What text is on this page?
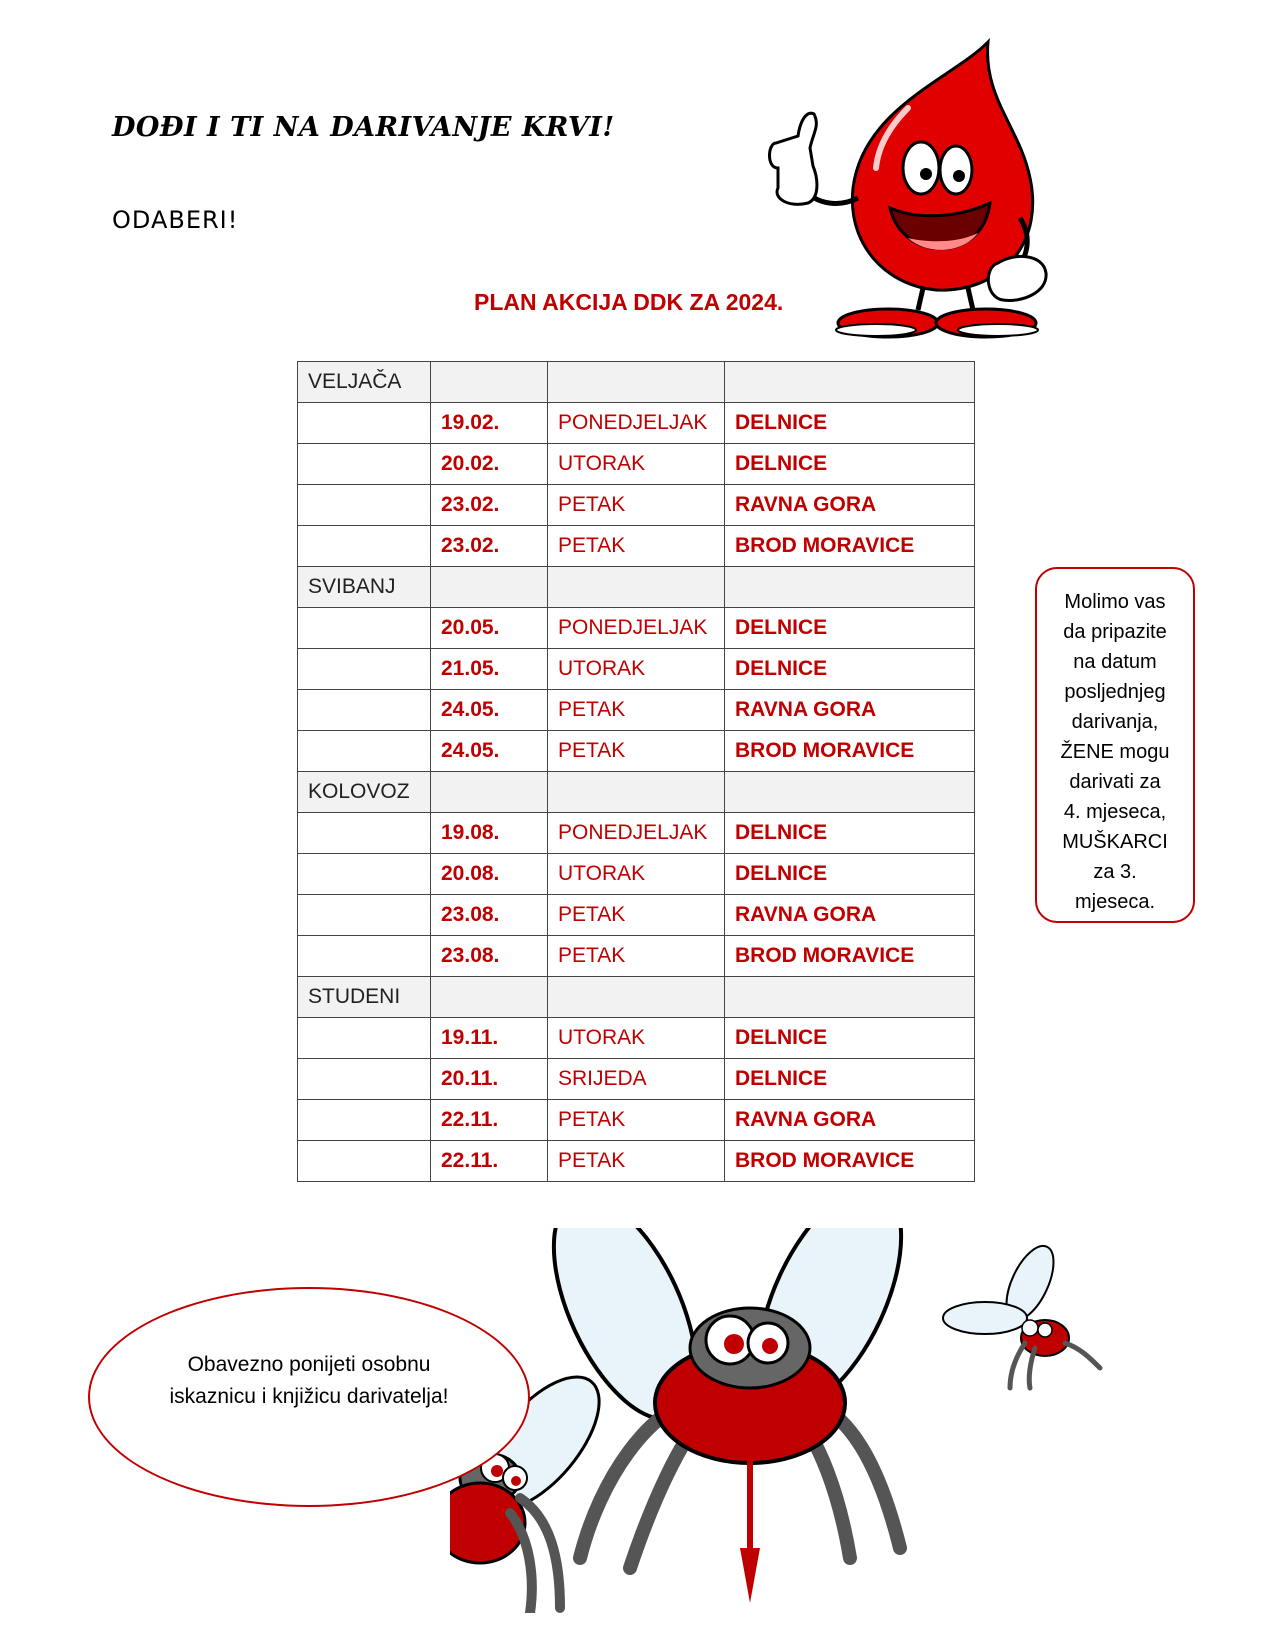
DOĐI I TI NA DARIVANJE KRVI!
ODABERI!
PLAN AKCIJA DDK ZA 2024.
VELJAČA			
	19.02.	PONEDJELJAK	DELNICE
	20.02.	UTORAK	DELNICE
	23.02.	PETAK	RAVNA GORA
	23.02.	PETAK	BROD MORAVICE
SVIBANJ			
	20.05.	PONEDJELJAK	DELNICE
	21.05.	UTORAK	DELNICE
	24.05.	PETAK	RAVNA GORA
	24.05.	PETAK	BROD MORAVICE
KOLOVOZ			
	19.08.	PONEDJELJAK	DELNICE
	20.08.	UTORAK	DELNICE
	23.08.	PETAK	RAVNA GORA
	23.08.	PETAK	BROD MORAVICE
STUDENI			
	19.11.	UTORAK	DELNICE
	20.11.	SRIJEDA	DELNICE
	22.11.	PETAK	RAVNA GORA
	22.11.	PETAK	BROD MORAVICE
Molimo vas
da pripazite
na datum
posljednjeg
darivanja,
ŽENE mogu
darivati za
4. mjeseca,
MUŠKARCI
za 3.
mjeseca.
Obavezno ponijeti osobnu iskaznicu i knjižicu darivatelja!
